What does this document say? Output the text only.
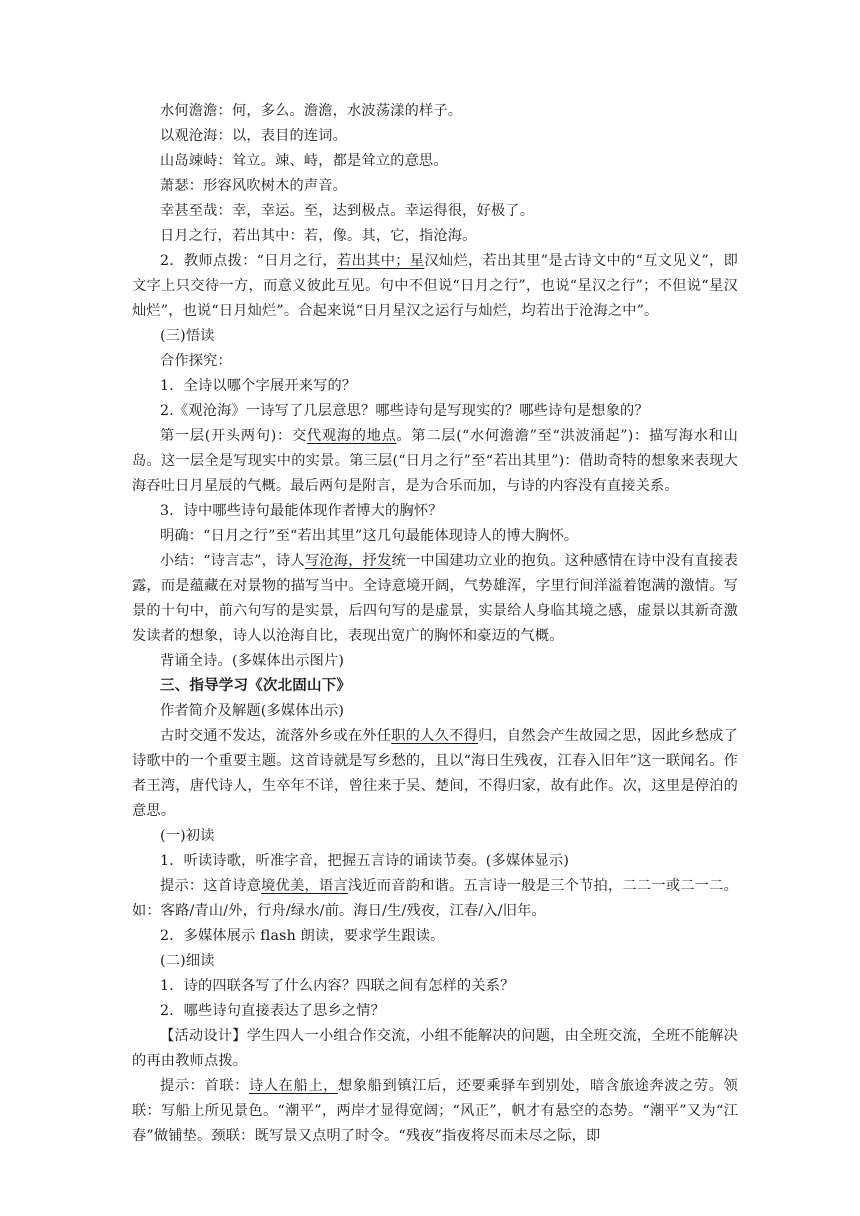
水何澹澹：何，多么。澹澹，水波荡漾的样子。
以观沧海：以，表目的连词。
山岛竦峙：耸立。竦、峙，都是耸立的意思。
萧瑟：形容风吹树木的声音。
幸甚至哉：幸，幸运。至，达到极点。幸运得很，好极了。
日月之行，若出其中：若，像。其，它，指沧海。
2．教师点拨：“日月之行，若出其中；星汉灿烂，若出其里”是古诗文中的“互文见义”，即文字上只交待一方，而意义彼此互见。句中不但说“日月之行”，也说“星汉之行”；不但说“星汉灿烂”，也说“日月灿烂”。合起来说“日月星汉之运行与灿烂，均若出于沧海之中”。
(三)悟读
合作探究：
1．全诗以哪个字展开来写的？
2.《观沧海》一诗写了几层意思？哪些诗句是写现实的？哪些诗句是想象的？
第一层(开头两句)：交代观海的地点。第二层(“水何澹澹”至“洪波涌起”)：描写海水和山岛。这一层全是写现实中的实景。第三层(“日月之行”至“若出其里”)：借助奇特的想象来表现大海吞吐日月星辰的气概。最后两句是附言，是为合乐而加，与诗的内容没有直接关系。
3．诗中哪些诗句最能体现作者博大的胸怀？
明确：“日月之行”至“若出其里”这几句最能体现诗人的博大胸怀。
小结：“诗言志”，诗人写沧海，抒发统一中国建功立业的抱负。这种感情在诗中没有直接表露，而是蕴藏在对景物的描写当中。全诗意境开阔，气势雄浑，字里行间洋溢着饱满的激情。写景的十句中，前六句写的是实景，后四句写的是虚景，实景给人身临其境之感，虚景以其新奇激发读者的想象，诗人以沧海自比，表现出宽广的胸怀和豪迈的气概。
背诵全诗。(多媒体出示图片)
三、指导学习《次北固山下》
作者简介及解题(多媒体出示)
古时交通不发达，流落外乡或在外任职的人久不得归，自然会产生故园之思，因此乡愁成了诗歌中的一个重要主题。这首诗就是写乡愁的，且以“海日生残夜，江春入旧年”这一联闻名。作者王湾，唐代诗人，生卒年不详，曾往来于吴、楚间，不得归家，故有此作。次，这里是停泊的意思。
(一)初读
1．听读诗歌，听准字音，把握五言诗的诵读节奏。(多媒体显示)
提示：这首诗意境优美，语言浅近而音韵和谐。五言诗一般是三个节拍，二二一或二一二。如：客路/青山/外，行舟/绿水/前。海日/生/残夜，江春/入/旧年。
2．多媒体展示 flash 朗读，要求学生跟读。
(二)细读
1．诗的四联各写了什么内容？四联之间有怎样的关系？
2．哪些诗句直接表达了思乡之情？
【活动设计】学生四人一小组合作交流，小组不能解决的问题，由全班交流，全班不能解决的再由教师点拨。
提示：首联：诗人在船上，想象船到镇江后，还要乘驿车到别处，暗含旅途奔波之劳。领联：写船上所见景色。“潮平”，两岸才显得宽阔；“风正”，帆才有悬空的态势。“潮平”又为“江春”做铺垫。颈联：既写景又点明了时令。“残夜”指夜将尽而未尽之际，即
